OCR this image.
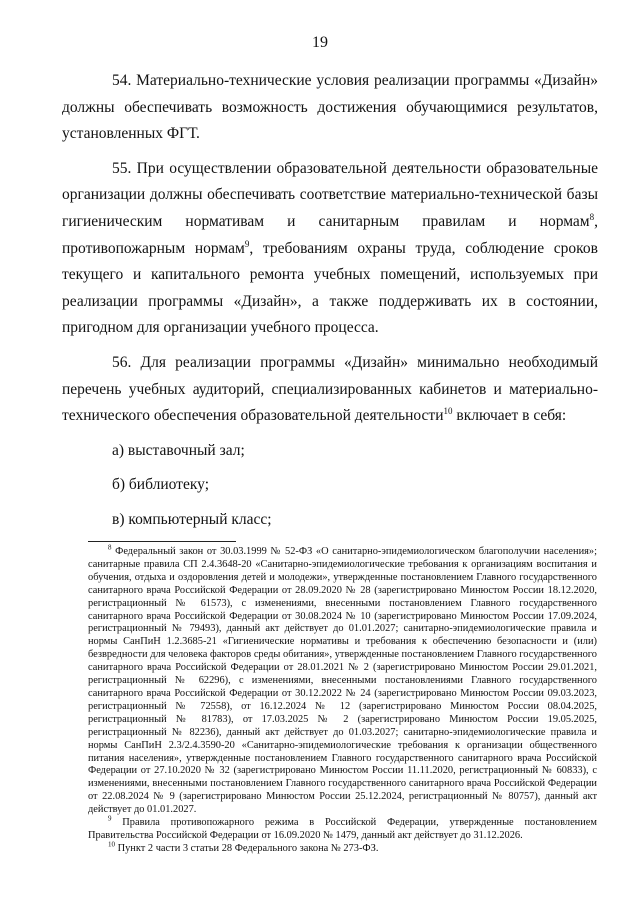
19

54. Материально-технические условия реализации программы «Дизайн» должны обеспечивать возможность достижения обучающимися результатов, установленных ФГТ.

55. При осуществлении образовательной деятельности образовательные организации должны обеспечивать соответствие материально-технической базы гигиеническим нормативам и санитарным правилам и нормам$^8$, противопожарным нормам$^9$, требованиям охраны труда, соблюдение сроков текущего и капитального ремонта учебных помещений, используемых при реализации программы «Дизайн», а также поддерживать их в состоянии, пригодном для организации учебного процесса.

56. Для реализации программы «Дизайн» минимально необходимый перечень учебных аудиторий, специализированных кабинетов и материально-технического обеспечения образовательной деятельности$^{10}$ включает в себя:

а) выставочный зал;

б) библиотеку;

в) компьютерный класс;

$^8$ Федеральный закон от 30.03.1999 № 52-ФЗ «О санитарно-эпидемиологическом благополучии населения»; санитарные правила СП 2.4.3648-20 «Санитарно-эпидемиологические требования к организациям воспитания и обучения, отдыха и оздоровления детей и молодежи», утвержденные постановлением Главного государственного санитарного врача Российской Федерации от 28.09.2020 № 28 (зарегистрировано Минюстом России 18.12.2020, регистрационный № 61573), с изменениями, внесенными постановлением Главного государственного санитарного врача Российской Федерации от 30.08.2024 № 10 (зарегистрировано Минюстом России 17.09.2024, регистрационный № 79493), данный акт действует до 01.01.2027; санитарно-эпидемиологические правила и нормы СанПиН 1.2.3685-21 «Гигиенические нормативы и требования к обеспечению безопасности и (или) безвредности для человека факторов среды обитания», утвержденные постановлением Главного государственного санитарного врача Российской Федерации от 28.01.2021 № 2 (зарегистрировано Минюстом России 29.01.2021, регистрационный № 62296), с изменениями, внесенными постановлениями Главного государственного санитарного врача Российской Федерации от 30.12.2022 № 24 (зарегистрировано Минюстом России 09.03.2023, регистрационный № 72558), от 16.12.2024 № 12 (зарегистрировано Минюстом России 08.04.2025, регистрационный № 81783), от 17.03.2025 № 2 (зарегистрировано Минюстом России 19.05.2025, регистрационный № 82236), данный акт действует до 01.03.2027; санитарно-эпидемиологические правила и нормы СанПиН 2.3/2.4.3590-20 «Санитарно-эпидемиологические требования к организации общественного питания населения», утвержденные постановлением Главного государственного санитарного врача Российской Федерации от 27.10.2020 № 32 (зарегистрировано Минюстом России 11.11.2020, регистрационный № 60833), с изменениями, внесенными постановлением Главного государственного санитарного врача Российской Федерации от 22.08.2024 № 9 (зарегистрировано Минюстом России 25.12.2024, регистрационный № 80757), данный акт действует до 01.01.2027.

$^9$ Правила противопожарного режима в Российской Федерации, утвержденные постановлением Правительства Российской Федерации от 16.09.2020 № 1479, данный акт действует до 31.12.2026.

$^{10}$ Пункт 2 части 3 статьи 28 Федерального закона № 273-ФЗ.
